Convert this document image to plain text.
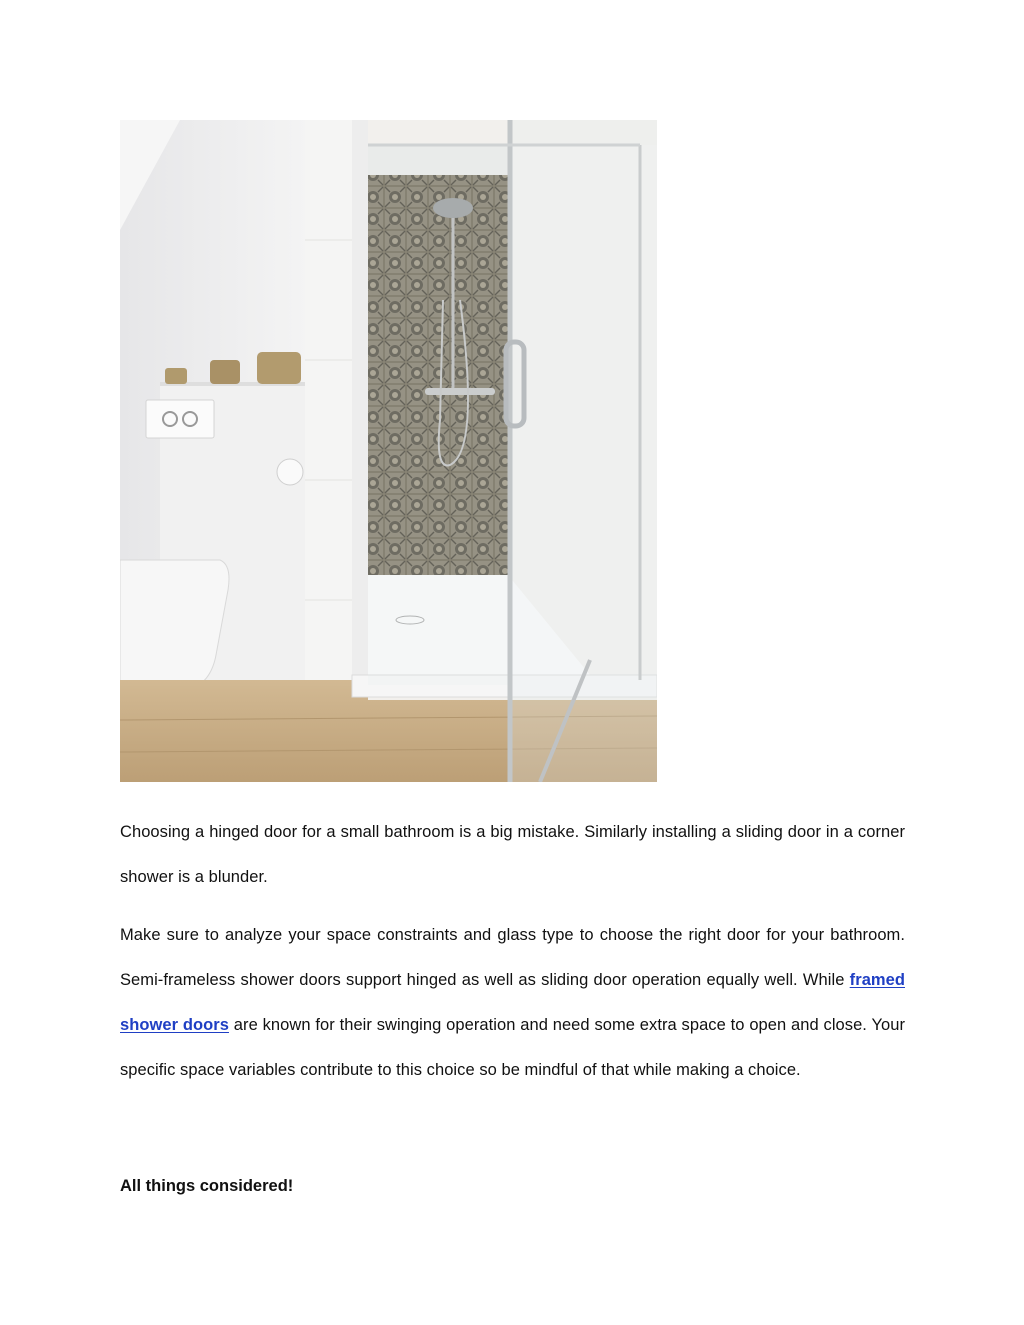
Choosing a hinged door for a small bathroom is a big mistake. Similarly installing a sliding door in a corner
shower is a blunder.
Make sure to analyze your space constraints and glass type to choose the right door for your bathroom.
Semi-frameless shower doors support hinged as well as sliding door operation equally well. While framed
shower doors are known for their swinging operation and need some extra space to open and close. Your
specific space variables contribute to this choice so be mindful of that while making a choice.
All things considered!
